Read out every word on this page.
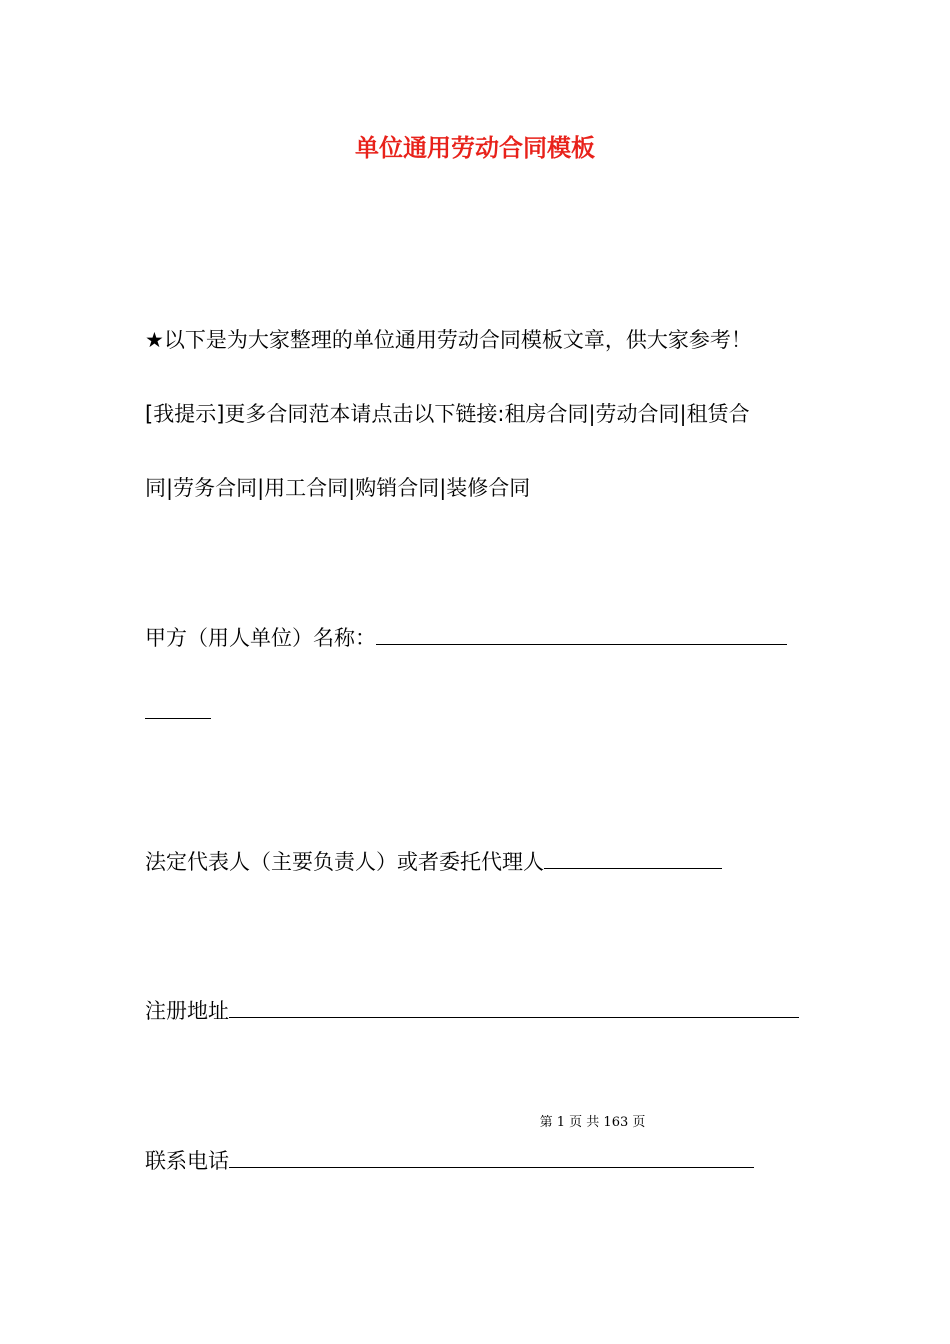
单位通用劳动合同模板
★以下是为大家整理的单位通用劳动合同模板文章，供大家参考！
[我提示]更多合同范本请点击以下链接:租房合同|劳动合同|租赁合
同|劳务合同|用工合同|购销合同|装修合同
甲方（用人单位）名称：
法定代表人（主要负责人）或者委托代理人
注册地址
第 1 页 共 163 页
联系电话
